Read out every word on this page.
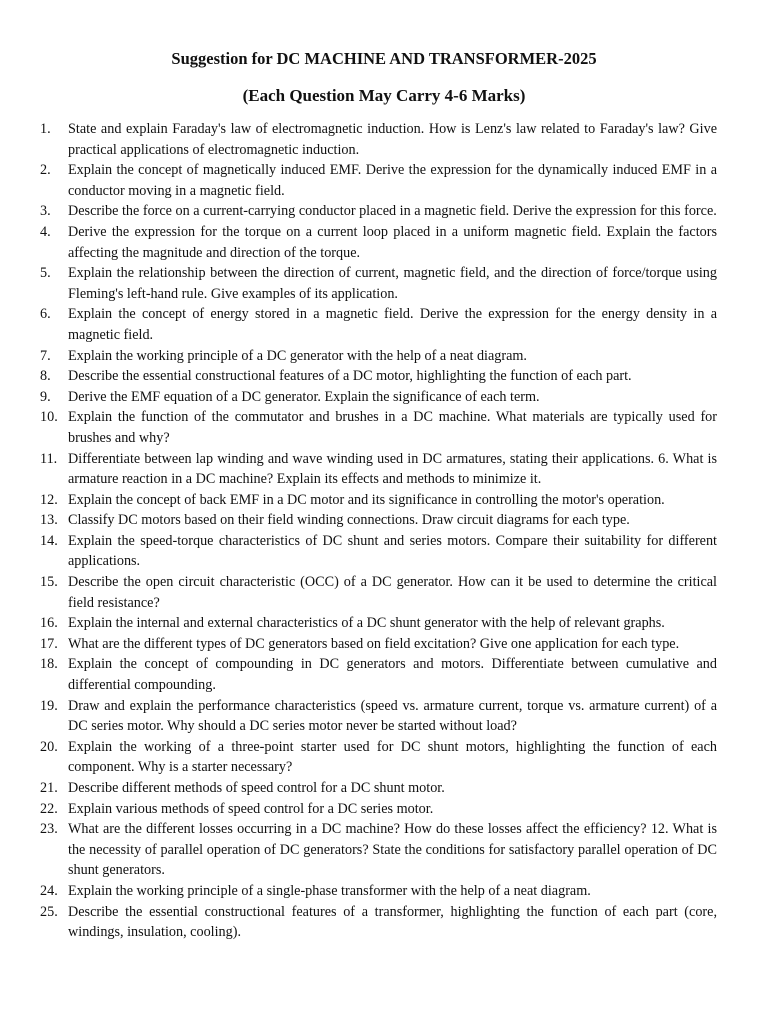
Suggestion for DC MACHINE AND TRANSFORMER-2025
(Each Question May Carry 4-6 Marks)
1.	State and explain Faraday's law of electromagnetic induction. How is Lenz's law related to Faraday's law? Give practical applications of electromagnetic induction.
2.	Explain the concept of magnetically induced EMF. Derive the expression for the dynamically induced EMF in a conductor moving in a magnetic field.
3.	Describe the force on a current-carrying conductor placed in a magnetic field. Derive the expression for this force.
4.	Derive the expression for the torque on a current loop placed in a uniform magnetic field. Explain the factors affecting the magnitude and direction of the torque.
5.	Explain the relationship between the direction of current, magnetic field, and the direction of force/torque using Fleming's left-hand rule. Give examples of its application.
6.	Explain the concept of energy stored in a magnetic field. Derive the expression for the energy density in a magnetic field.
7.	Explain the working principle of a DC generator with the help of a neat diagram.
8.	Describe the essential constructional features of a DC motor, highlighting the function of each part.
9.	Derive the EMF equation of a DC generator. Explain the significance of each term.
10. Explain the function of the commutator and brushes in a DC machine. What materials are typically used for brushes and why?
11. Differentiate between lap winding and wave winding used in DC armatures, stating their applications. 6. What is armature reaction in a DC machine? Explain its effects and methods to minimize it.
12. Explain the concept of back EMF in a DC motor and its significance in controlling the motor's operation.
13. Classify DC motors based on their field winding connections. Draw circuit diagrams for each type.
14. Explain the speed-torque characteristics of DC shunt and series motors. Compare their suitability for different applications.
15. Describe the open circuit characteristic (OCC) of a DC generator. How can it be used to determine the critical field resistance?
16. Explain the internal and external characteristics of a DC shunt generator with the help of relevant graphs.
17. What are the different types of DC generators based on field excitation? Give one application for each type.
18. Explain the concept of compounding in DC generators and motors. Differentiate between cumulative and differential compounding.
19. Draw and explain the performance characteristics (speed vs. armature current, torque vs. armature current) of a DC series motor. Why should a DC series motor never be started without load?
20. Explain the working of a three-point starter used for DC shunt motors, highlighting the function of each component. Why is a starter necessary?
21. Describe different methods of speed control for a DC shunt motor.
22. Explain various methods of speed control for a DC series motor.
23. What are the different losses occurring in a DC machine? How do these losses affect the efficiency? 12. What is the necessity of parallel operation of DC generators? State the conditions for satisfactory parallel operation of DC shunt generators.
24. Explain the working principle of a single-phase transformer with the help of a neat diagram.
25. Describe the essential constructional features of a transformer, highlighting the function of each part (core, windings, insulation, cooling).
